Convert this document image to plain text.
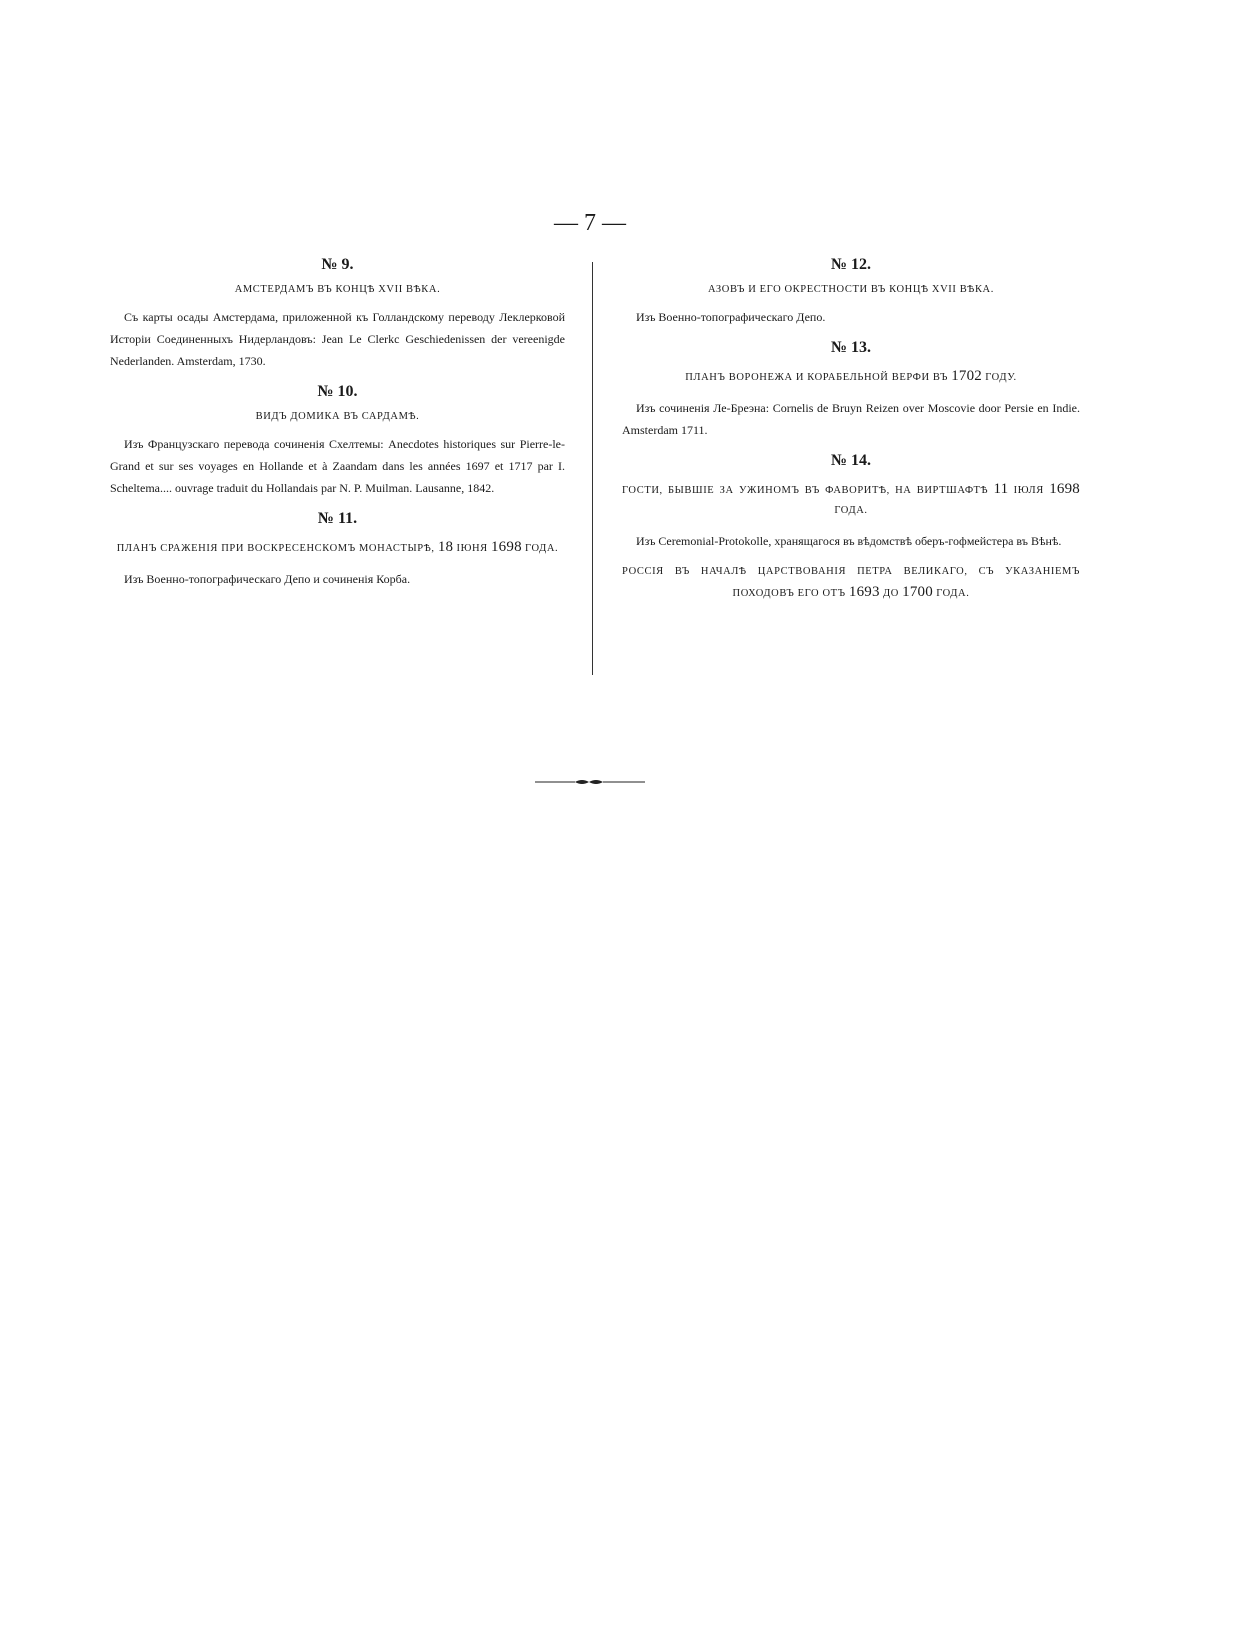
— 7 —
№ 9.
АМСТЕРДАМЪ ВЪ КОНЦѢ XVII ВѢКА.

Съ карты осады Амстердама, приложенной къ Голландскому переводу Леклерковой Исторіи Соединенныхъ Нидерландовъ: Jean Le Clerkc Geschiedenissen der vereenigde Nederlanden. Amsterdam, 1730.

№ 10.
ВИДЪ ДОМИКА ВЪ САРДАМѢ.

Изъ Французскаго перевода сочиненія Схелтемы: Anecdotes historiques sur Pierre-le-Grand et sur ses voyages en Hollande et à Zaandam dans les années 1697 et 1717 par I. Scheltema.... ouvrage traduit du Hollandais par N. P. Muilman. Lausanne, 1842.

№ 11.
ПЛАНЪ СРАЖЕНІЯ ПРИ ВОСКРЕСЕНСКОМЪ МОНАСТЫРѢ, 18 ІЮНЯ 1698 ГОДА.

Изъ Военно-топографическаго Депо и сочиненія Корба.

№ 12.
АЗОВЪ И ЕГО ОКРЕСТНОСТИ ВЪ КОНЦѢ XVII ВѢКА.

Изъ Военно-топографическаго Депо.

№ 13.
ПЛАНЪ ВОРОНЕЖА И КОРАБЕЛЬНОЙ ВЕРФИ ВЪ 1702 ГОДУ.

Изъ сочиненія Ле-Бреэна: Cornelis de Bruyn Reizen over Moscovie door Persie en Indie. Amsterdam 1711.

№ 14.
ГОСТИ, БЫВШІЕ ЗА УЖИНОМЪ ВЪ ФАВОРИТѢ, НА ВИРТШАФТѢ 11 ІЮЛЯ 1698 ГОДА.

Изъ Ceremonial-Protokolle, хранящагося въ вѣдомствѣ оберъ-гофмейстера въ Вѣнѣ.

РОССІЯ ВЪ НАЧАЛѢ ЦАРСТВОВАНІЯ ПЕТРА ВЕЛИКАГО, СЪ УКАЗАНІЕМЪ ПОХОДОВЪ ЕГО ОТЪ 1693 ДО 1700 ГОДА.
